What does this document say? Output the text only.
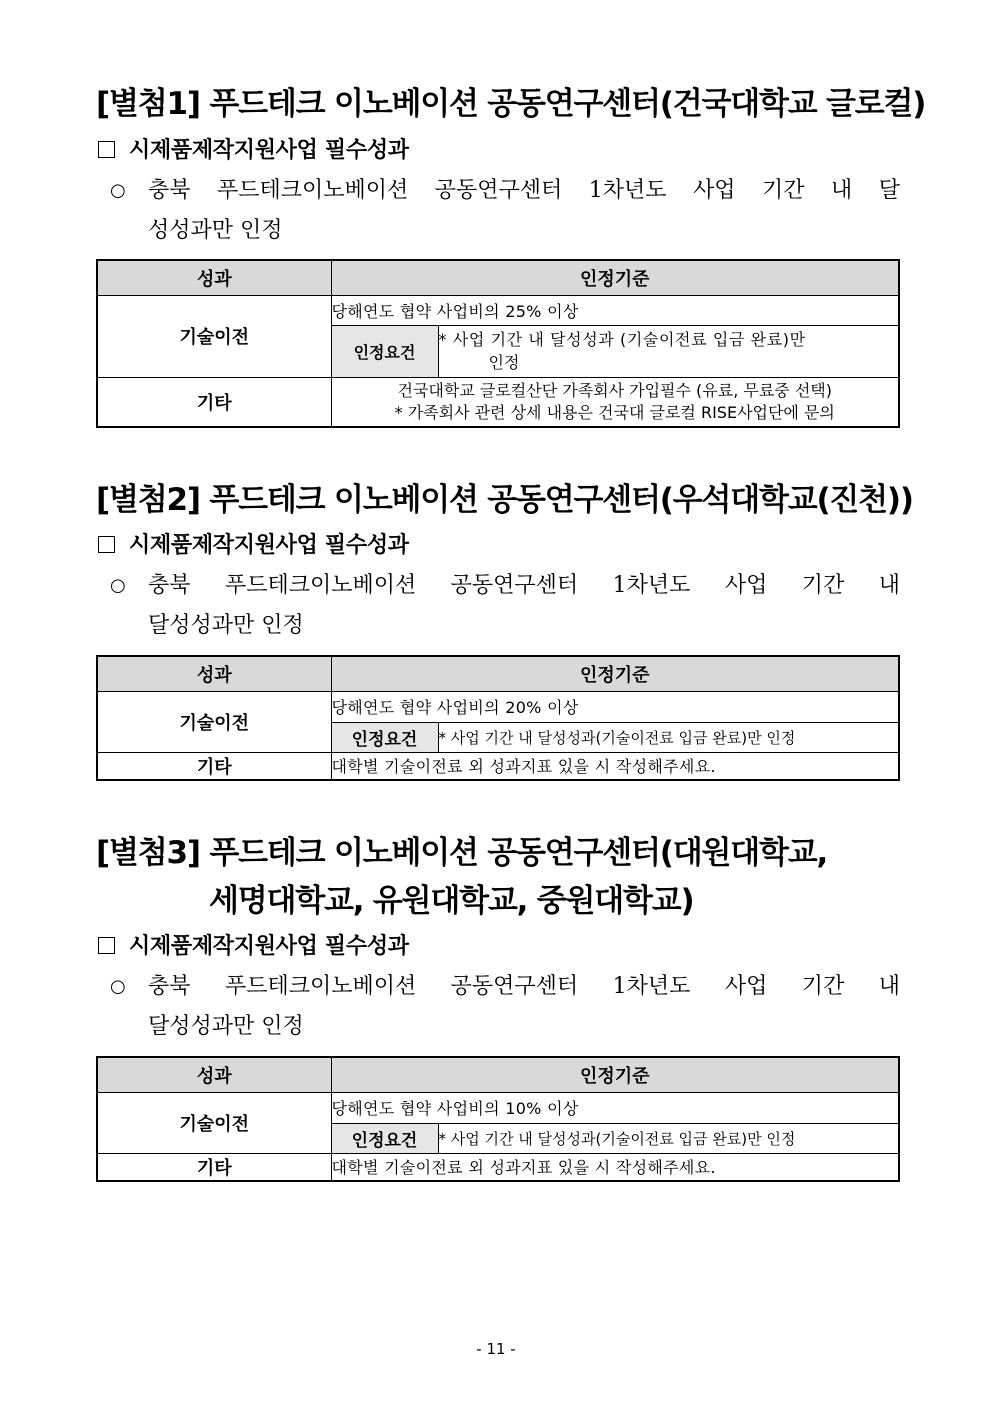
[별첨1] 푸드테크 이노베이션 공동연구센터(건국대학교 글로컬)
시제품제작지원사업 필수성과
○ 충북 푸드테크이노베이션 공동연구센터 1차년도 사업 기간 내 달
성성과만 인정
성과	인정기준	
기술이전	당해연도 협약 사업비의 25% 이상	
	인정요건	* 사업 기간 내 달성성과 (기술이전료 입금 완료)만
인정

기타	건국대학교 글로컬산단 가족회사 가입필수 (유료, 무료중 선택)
* 가족회사 관련 상세 내용은 건국대 글로컬 RISE사업단에 문의	
[별첨2] 푸드테크 이노베이션 공동연구센터(우석대학교(진천))
시제품제작지원사업 필수성과
○ 충북 푸드테크이노베이션 공동연구센터 1차년도 사업 기간 내
달성성과만 인정
성과	인정기준	
기술이전	당해연도 협약 사업비의 20% 이상	
	인정요건	* 사업 기간 내 달성성과(기술이전료 입금 완료)만 인정
기타	대학별 기술이전료 외 성과지표 있을 시 작성해주세요.	
[별첨3] 푸드테크 이노베이션 공동연구센터(대원대학교,
세명대학교, 유원대학교, 중원대학교)
시제품제작지원사업 필수성과
○ 충북 푸드테크이노베이션 공동연구센터 1차년도 사업 기간 내
달성성과만 인정
성과	인정기준	
기술이전	당해연도 협약 사업비의 10% 이상	
	인정요건	* 사업 기간 내 달성성과(기술이전료 입금 완료)만 인정
기타	대학별 기술이전료 외 성과지표 있을 시 작성해주세요.	
- 11 -
